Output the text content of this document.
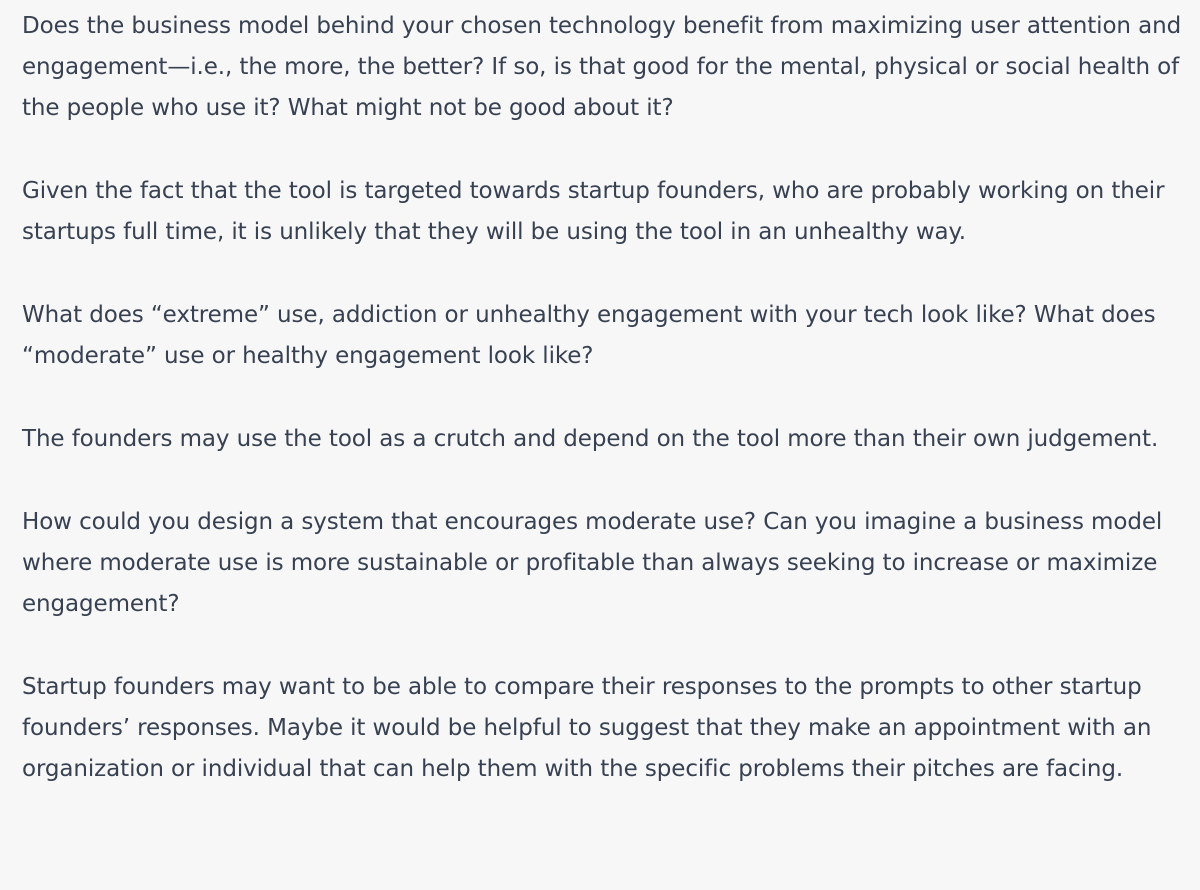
Does the business model behind your chosen technology benefit from maximizing user attention and engagement—i.e., the more, the better? If so, is that good for the mental, physical or social health of the people who use it? What might not be good about it?

Given the fact that the tool is targeted towards startup founders, who are probably working on their startups full time, it is unlikely that they will be using the tool in an unhealthy way.

What does “extreme” use, addiction or unhealthy engagement with your tech look like? What does “moderate” use or healthy engagement look like?

The founders may use the tool as a crutch and depend on the tool more than their own judgement.

How could you design a system that encourages moderate use? Can you imagine a business model where moderate use is more sustainable or profitable than always seeking to increase or maximize engagement?

Startup founders may want to be able to compare their responses to the prompts to other startup founders’ responses. Maybe it would be helpful to suggest that they make an appointment with an organization or individual that can help them with the specific problems their pitches are facing.
